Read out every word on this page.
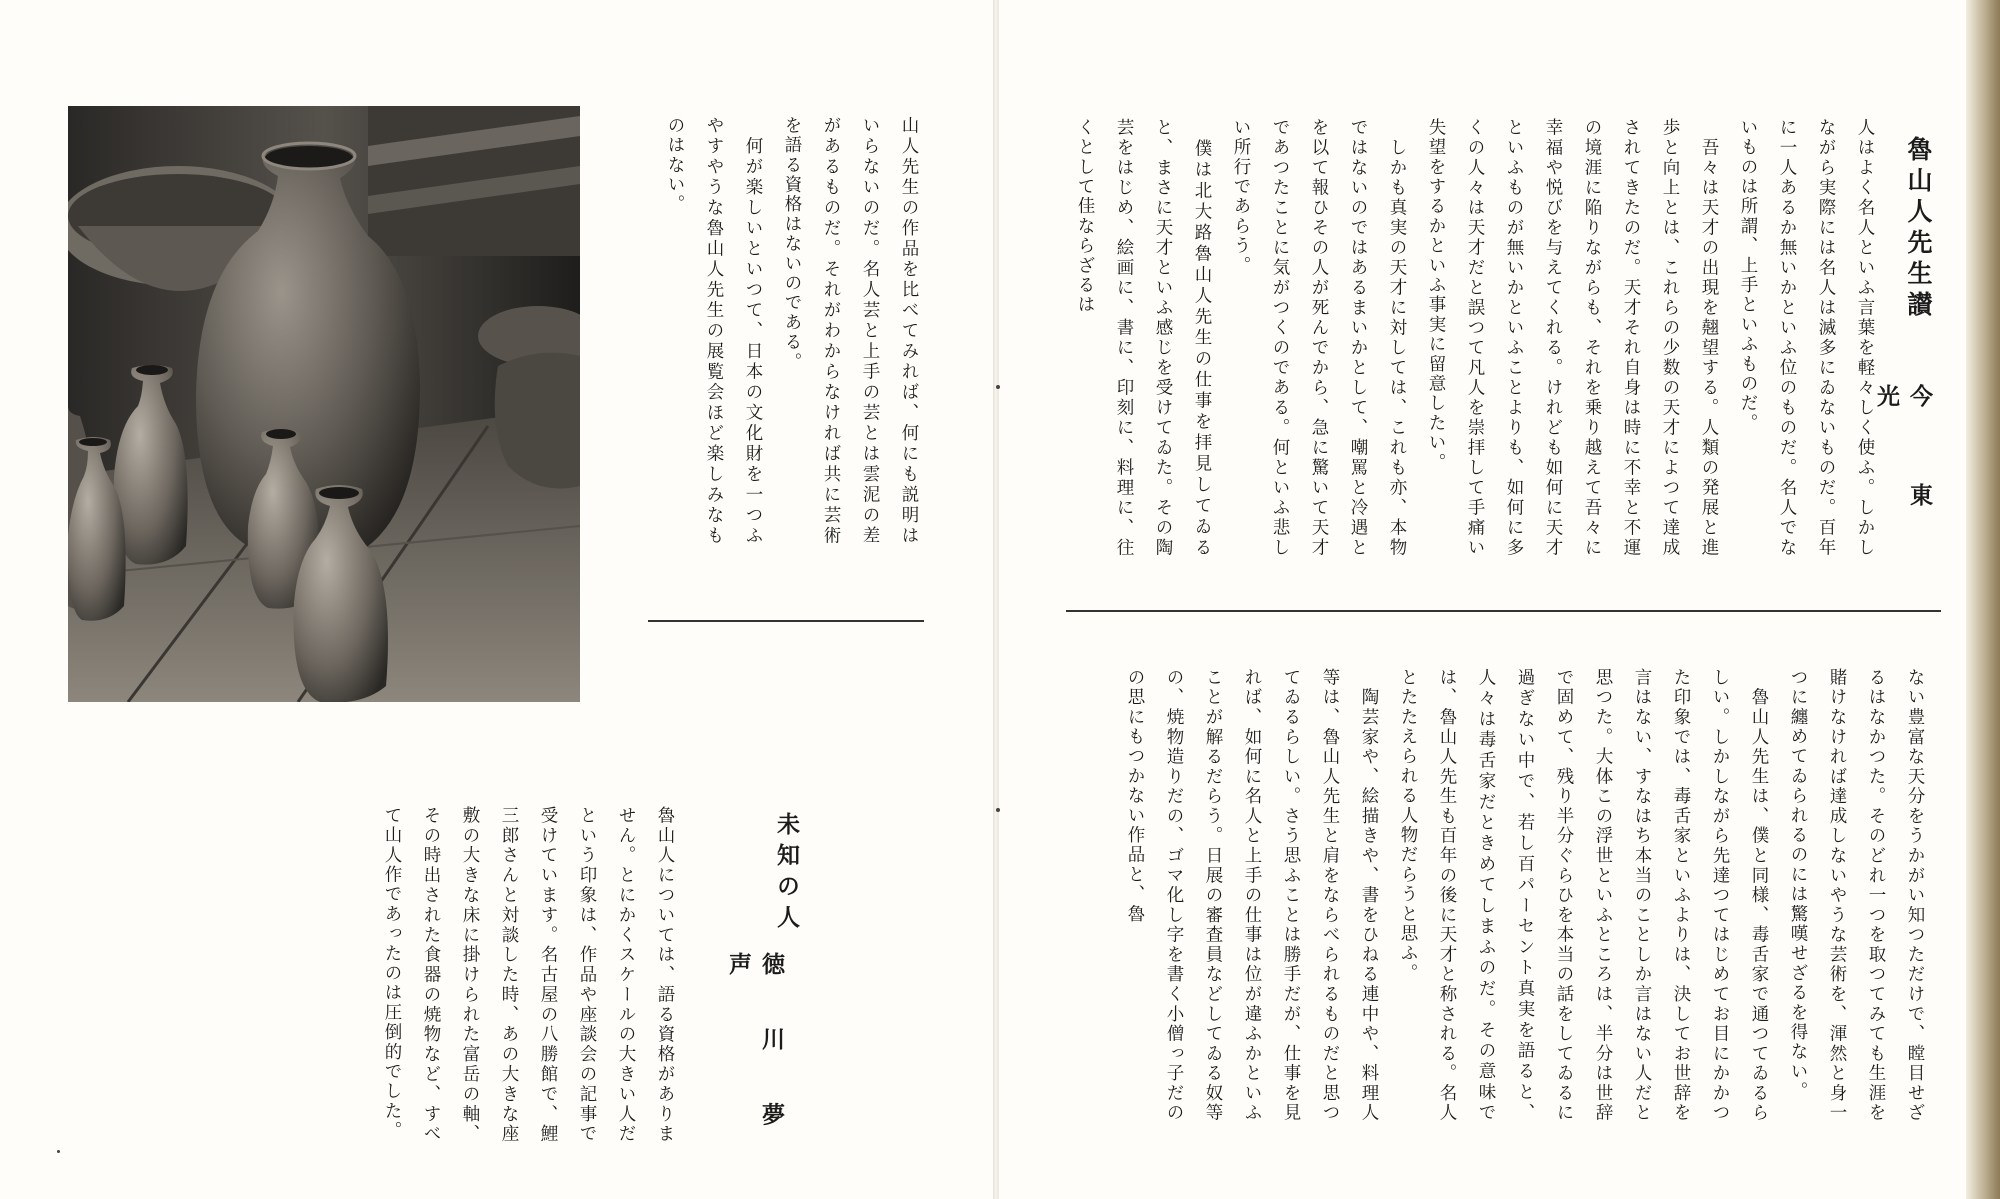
魯山人先生讃
今 東 光
人はよく名人といふ言葉を軽々しく使ふ。しかしながら実際には名人は滅多にゐないものだ。百年に一人あるか無いかといふ位のものだ。名人でないものは所謂、上手といふものだ。
　吾々は天才の出現を翹望する。人類の発展と進歩と向上とは、これらの少数の天才によつて達成されてきたのだ。天才それ自身は時に不幸と不運の境涯に陥りながらも、それを乗り越えて吾々に幸福や悦びを与えてくれる。けれども如何に天才といふものが無いかといふことよりも、如何に多くの人々は天才だと誤つて凡人を崇拝して手痛い失望をするかといふ事実に留意したい。
　しかも真実の天才に対しては、これも亦、本物ではないのではあるまいかとして、嘲罵と冷遇とを以て報ひその人が死んでから、急に驚いて天才であつたことに気がつくのである。何といふ悲しい所行であらう。
　僕は北大路魯山人先生の仕事を拝見してゐると、まさに天才といふ感じを受けてゐた。その陶芸をはじめ、絵画に、書に、印刻に、料理に、往くとして佳ならざるは
ない豊富な天分をうかがい知つただけで、瞠目せざるはなかつた。そのどれ一つを取つてみても生涯を賭けなければ達成しないやうな芸術を、渾然と身一つに纏めてゐられるのには驚嘆せざるを得ない。
　魯山人先生は、僕と同様、毒舌家で通つてゐるらしい。しかしながら先達つてはじめてお目にかかつた印象では、毒舌家といふよりは、決してお世辞を言はない、すなはち本当のことしか言はない人だと思つた。大体この浮世といふところは、半分は世辞で固めて、残り半分ぐらひを本当の話をしてゐるに過ぎない中で、若し百パーセント真実を語ると、人々は毒舌家だときめてしまふのだ。その意味では、魯山人先生も百年の後に天才と称される。名人とたたえられる人物だらうと思ふ。
　陶芸家や、絵描きや、書をひねる連中や、料理人等は、魯山人先生と肩をならべられるものだと思つてゐるらしい。さう思ふことは勝手だが、仕事を見れば、如何に名人と上手の仕事は位が違ふかといふことが解るだらう。日展の審査員などしてゐる奴等の、焼物造りだの、ゴマ化し字を書く小僧っ子だのの思にもつかない作品と、魯
山人先生の作品を比べてみれば、何にも説明はいらないのだ。名人芸と上手の芸とは雲泥の差があるものだ。それがわからなければ共に芸術を語る資格はないのである。
　何が楽しいといつて、日本の文化財を一つふやすやうな魯山人先生の展覧会ほど楽しみなものはない。
未知の人
徳 川 夢 声
魯山人については、語る資格がありません。とにかくスケールの大きい人だという印象は、作品や座談会の記事で受けています。名古屋の八勝館で、鯉三郎さんと対談した時、あの大きな座敷の大きな床に掛けられた富岳の軸、その時出された食器の焼物など、すべて山人作であったのは圧倒的でした。
